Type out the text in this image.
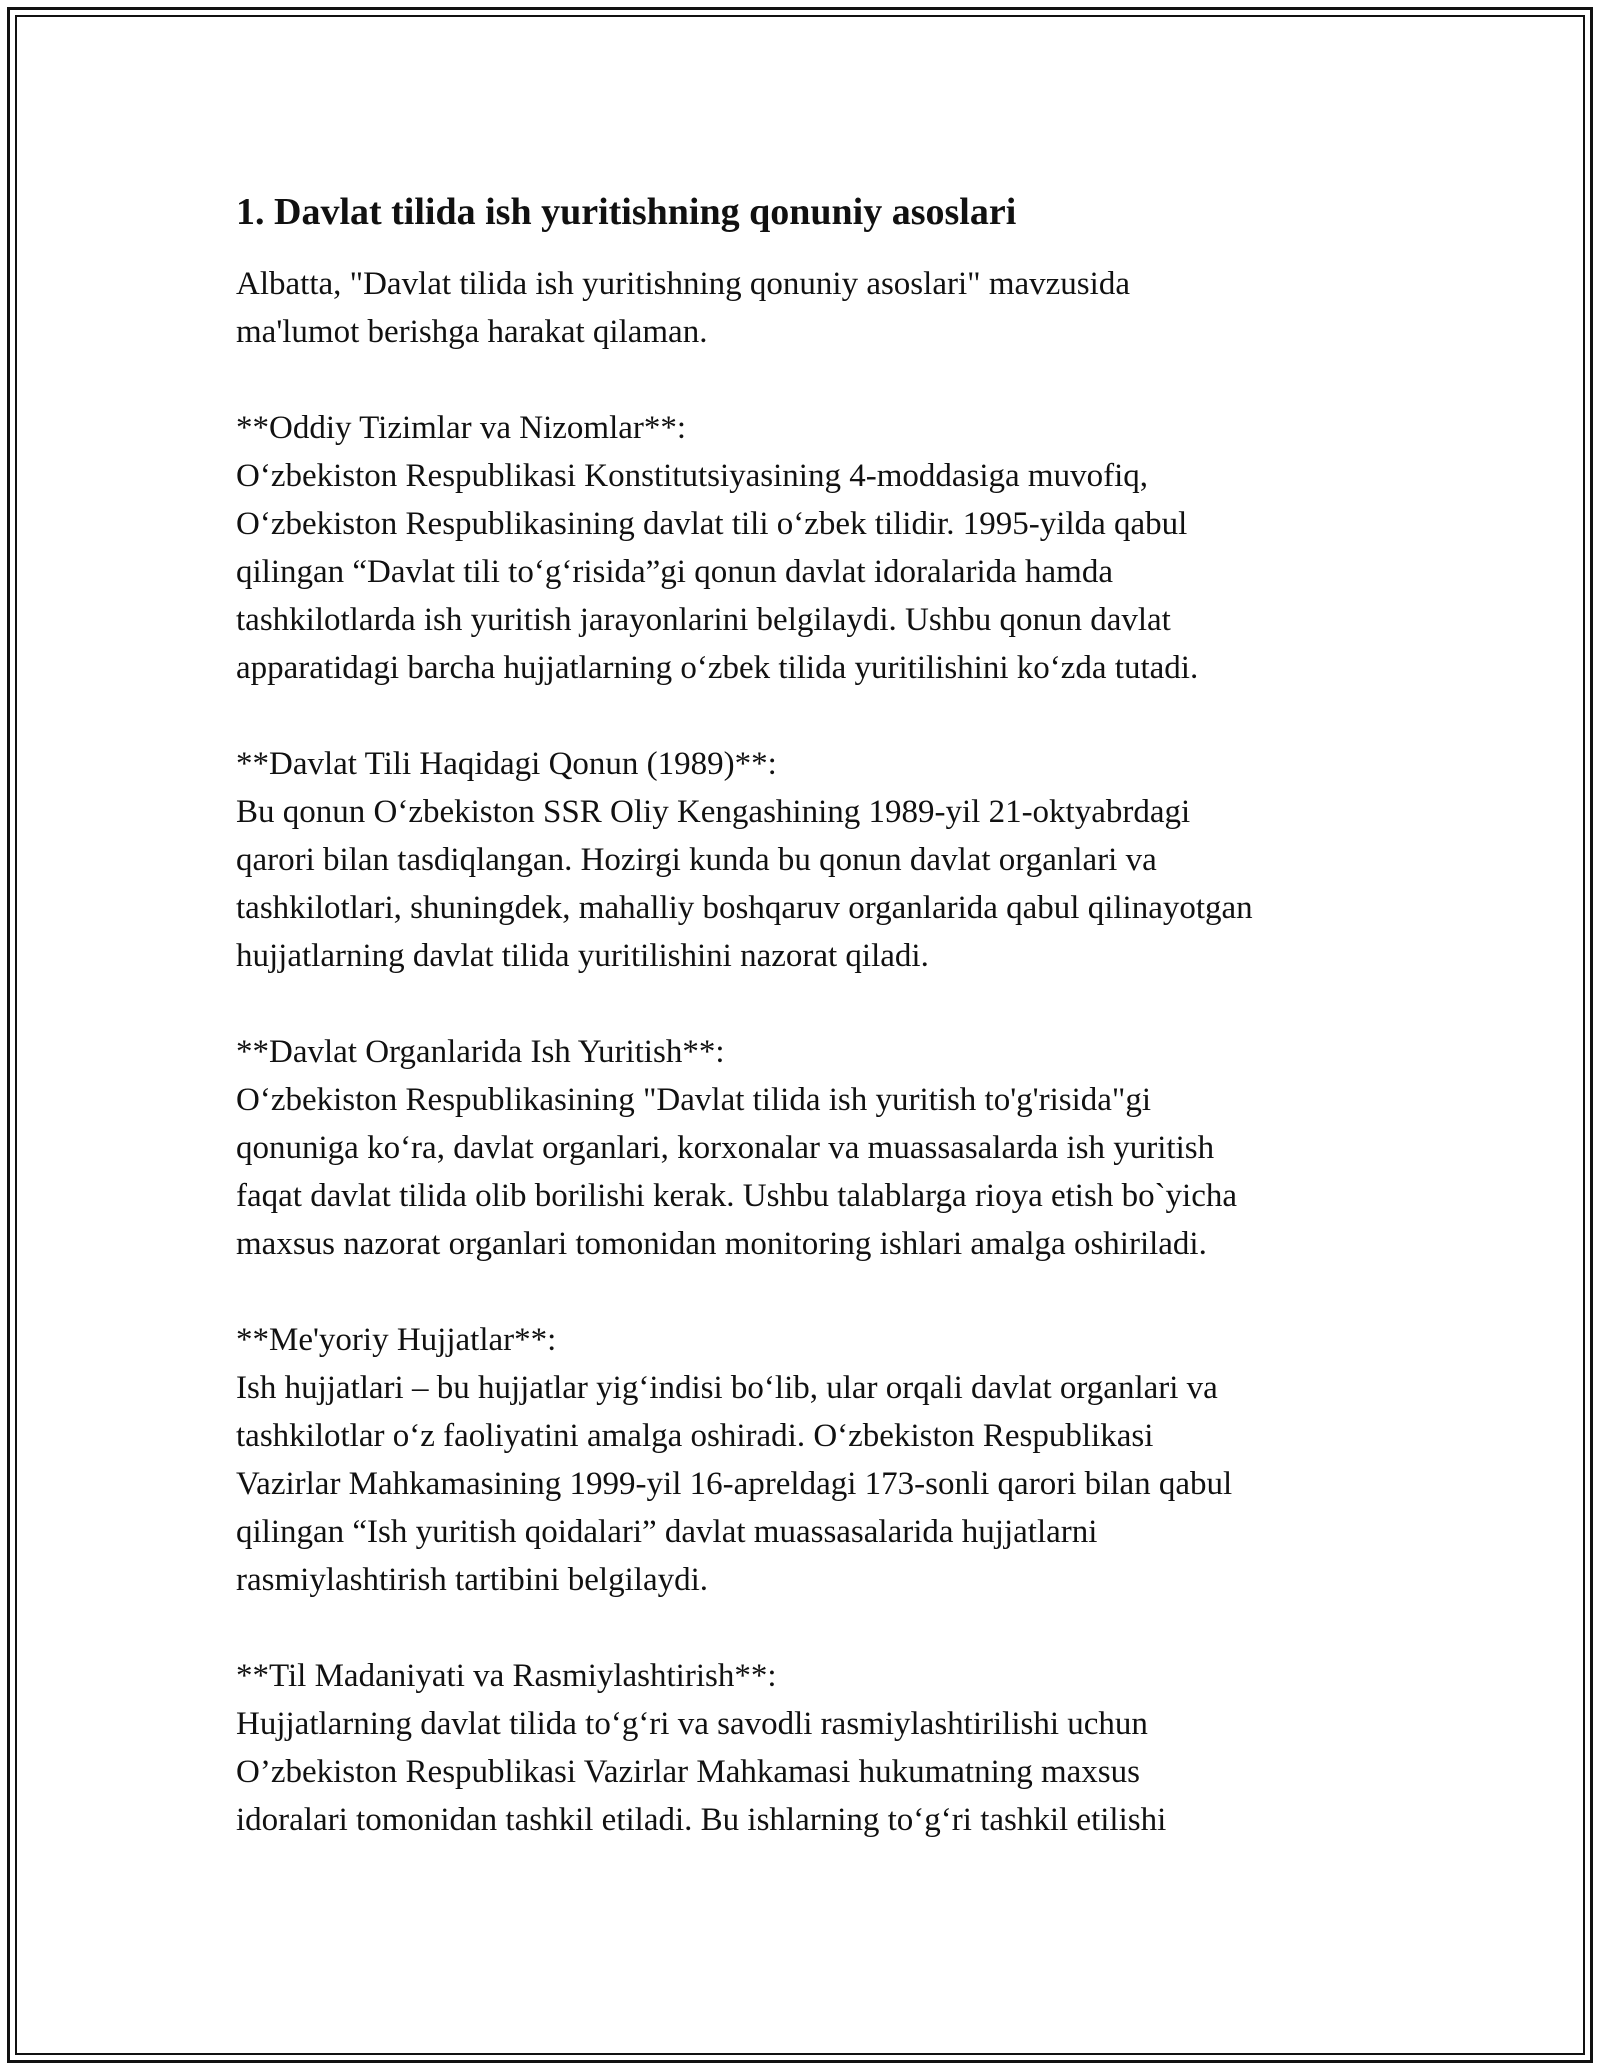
1. Davlat tilida ish yuritishning qonuniy asoslari
Albatta, "Davlat tilida ish yuritishning qonuniy asoslari" mavzusida
ma'lumot berishga harakat qilaman.
**Oddiy Tizimlar va Nizomlar**:
O‘zbekiston Respublikasi Konstitutsiyasining 4-moddasiga muvofiq,
O‘zbekiston Respublikasining davlat tili o‘zbek tilidir. 1995-yilda qabul
qilingan “Davlat tili to‘g‘risida”gi qonun davlat idoralarida hamda
tashkilotlarda ish yuritish jarayonlarini belgilaydi. Ushbu qonun davlat
apparatidagi barcha hujjatlarning o‘zbek tilida yuritilishini ko‘zda tutadi.
**Davlat Tili Haqidagi Qonun (1989)**:
Bu qonun O‘zbekiston SSR Oliy Kengashining 1989-yil 21-oktyabrdagi
qarori bilan tasdiqlangan. Hozirgi kunda bu qonun davlat organlari va
tashkilotlari, shuningdek, mahalliy boshqaruv organlarida qabul qilinayotgan
hujjatlarning davlat tilida yuritilishini nazorat qiladi.
**Davlat Organlarida Ish Yuritish**:
O‘zbekiston Respublikasining "Davlat tilida ish yuritish to'g'risida"gi
qonuniga ko‘ra, davlat organlari, korxonalar va muassasalarda ish yuritish
faqat davlat tilida olib borilishi kerak. Ushbu talablarga rioya etish bo`yicha
maxsus nazorat organlari tomonidan monitoring ishlari amalga oshiriladi.
**Me'yoriy Hujjatlar**:
Ish hujjatlari – bu hujjatlar yig‘indisi bo‘lib, ular orqali davlat organlari va
tashkilotlar o‘z faoliyatini amalga oshiradi. O‘zbekiston Respublikasi
Vazirlar Mahkamasining 1999-yil 16-apreldagi 173-sonli qarori bilan qabul
qilingan “Ish yuritish qoidalari” davlat muassasalarida hujjatlarni
rasmiylashtirish tartibini belgilaydi.
**Til Madaniyati va Rasmiylashtirish**:
Hujjatlarning davlat tilida to‘g‘ri va savodli rasmiylashtirilishi uchun
O’zbekiston Respublikasi Vazirlar Mahkamasi hukumatning maxsus
idoralari tomonidan tashkil etiladi. Bu ishlarning to‘g‘ri tashkil etilishi
